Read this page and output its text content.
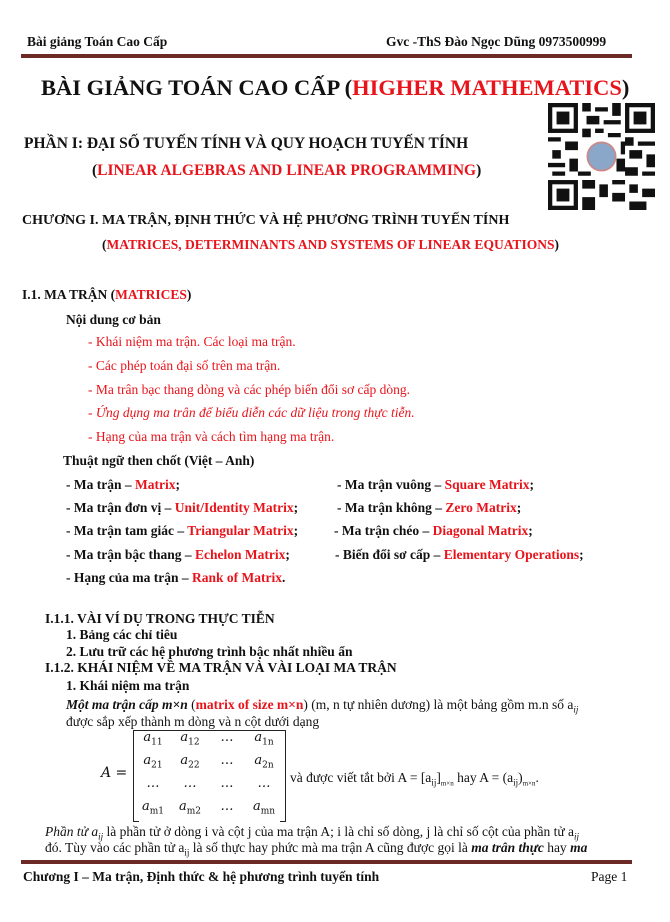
Bài giảng Toán Cao Cấp	Gvc -ThS Đào Ngọc Dũng 0973500999
BÀI GIẢNG TOÁN CAO CẤP (HIGHER MATHEMATICS)
PHẦN I: ĐẠI SỐ TUYẾN TÍNH VÀ QUY HOẠCH TUYẾN TÍNH
(LINEAR ALGEBRAS AND LINEAR PROGRAMMING)
CHƯƠNG I. MA TRẬN, ĐỊNH THỨC VÀ HỆ PHƯƠNG TRÌNH TUYẾN TÍNH
(MATRICES, DETERMINANTS AND SYSTEMS OF LINEAR EQUATIONS)
I.1. MA TRẬN (MATRICES)
Nội dung cơ bản
- Khái niệm ma trận. Các loại ma trận.
- Các phép toán đại số trên ma trận.
- Ma trân bạc thang dòng và các phép biến đổi sơ cấp dòng.
- Ứng dụng ma trân để biểu diễn các dữ liệu trong thực tiễn.
- Hạng của ma trận và cách tìm hạng ma trận.
Thuật ngữ then chốt (Việt – Anh)
- Ma trận – Matrix;	- Ma trận vuông – Square Matrix;
- Ma trận đơn vị – Unit/Identity Matrix;	- Ma trận không – Zero Matrix;
- Ma trận tam giác – Triangular Matrix;	- Ma trận chéo – Diagonal Matrix;
- Ma trận bậc thang – Echelon Matrix;	- Biến đổi sơ cấp – Elementary Operations;
- Hạng của ma trận – Rank of Matrix.
I.1.1. VÀI VÍ DỤ TRONG THỰC TIỄN
1. Bảng các chỉ tiêu
2. Lưu trữ các hệ phương trình bậc nhất nhiều ẩn
I.1.2. KHÁI NIỆM VỀ MA TRẬN VÀ VÀI LOẠI MA TRẬN
1. Khái niệm ma trận
Một ma trận cấp m×n (matrix of size m×n) (m, n tự nhiên dương) là một bảng gồm m.n số $a_{ij}$
được sắp xếp thành m dòng và n cột dưới dạng
A =
$a_{11}$	$a_{12}$	…	$a_{1n}$
$a_{21}$	$a_{22}$	…	$a_{2n}$
…	…	…	…
$a_{m1}$	$a_{m2}$	…	$a_{mn}$
và được viết tắt bởi $A = [a_{ij}]_{m\times n}$ hay $A = (a_{ij})_{m\times n}$.
Phần tử $a_{ij}$ là phần tử ở dòng i và cột j của ma trận A; i là chỉ số dòng, j là chỉ số cột của phần tử $a_{ij}$
đó. Tùy vào các phần tử $a_{ij}$ là số thực hay phức mà ma trận A cũng được gọi là ma trân thực hay ma
Chương I – Ma trận, Định thức & hệ phương trình tuyến tính	Page 1
